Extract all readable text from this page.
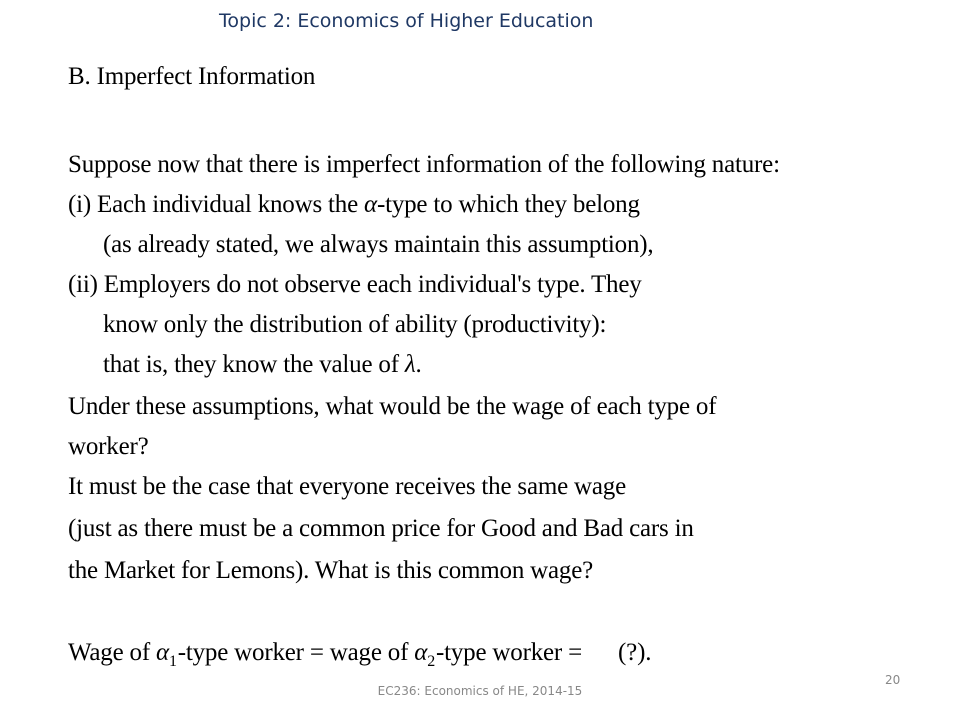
Topic 2: Economics of Higher Education
B. Imperfect Information
Suppose now that there is imperfect information of the following nature:
(i) Each individual knows the α-type to which they belong
(as already stated, we always maintain this assumption),
(ii) Employers do not observe each individual's type. They
know only the distribution of ability (productivity):
that is, they know the value of λ.
Under these assumptions, what would be the wage of each type of
worker?
It must be the case that everyone receives the same wage
(just as there must be a common price for Good and Bad cars in
the Market for Lemons). What is this common wage?
Wage of $\alpha_1$-type worker = wage of $\alpha_2$-type worker = (?).
20
EC236: Economics of HE, 2014-15
